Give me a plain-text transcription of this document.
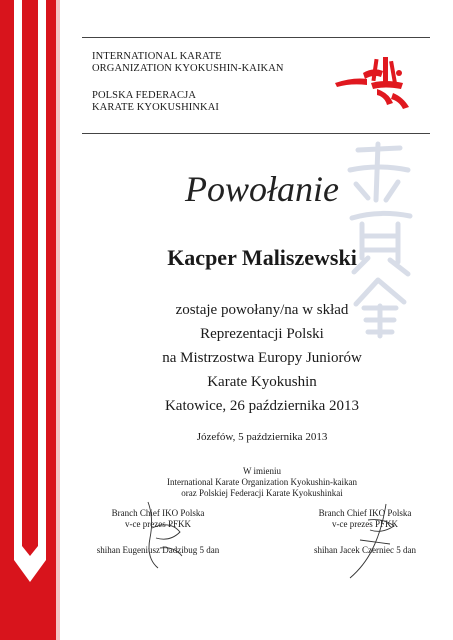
INTERNATIONAL KARATE
ORGANIZATION KYOKUSHIN-KAIKAN
POLSKA FEDERACJA
KARATE KYOKUSHINKAI
Powołanie
Kacper Maliszewski
zostaje powołany/na w skład
Reprezentacji Polski
na Mistrzostwa Europy Juniorów
Karate Kyokushin
Katowice, 26 października 2013
Józefów, 5 października 2013
W imieniu
International Karate Organization Kyokushin-kaikan
oraz Polskiej Federacji Karate Kyokushinkai
Branch Chief IKO Polska
v-ce prezes PFKK
shihan Eugeniusz Dadzibug 5 dan
Branch Chief IKO Polska
v-ce prezes PFKK
shihan Jacek Czerniec 5 dan
